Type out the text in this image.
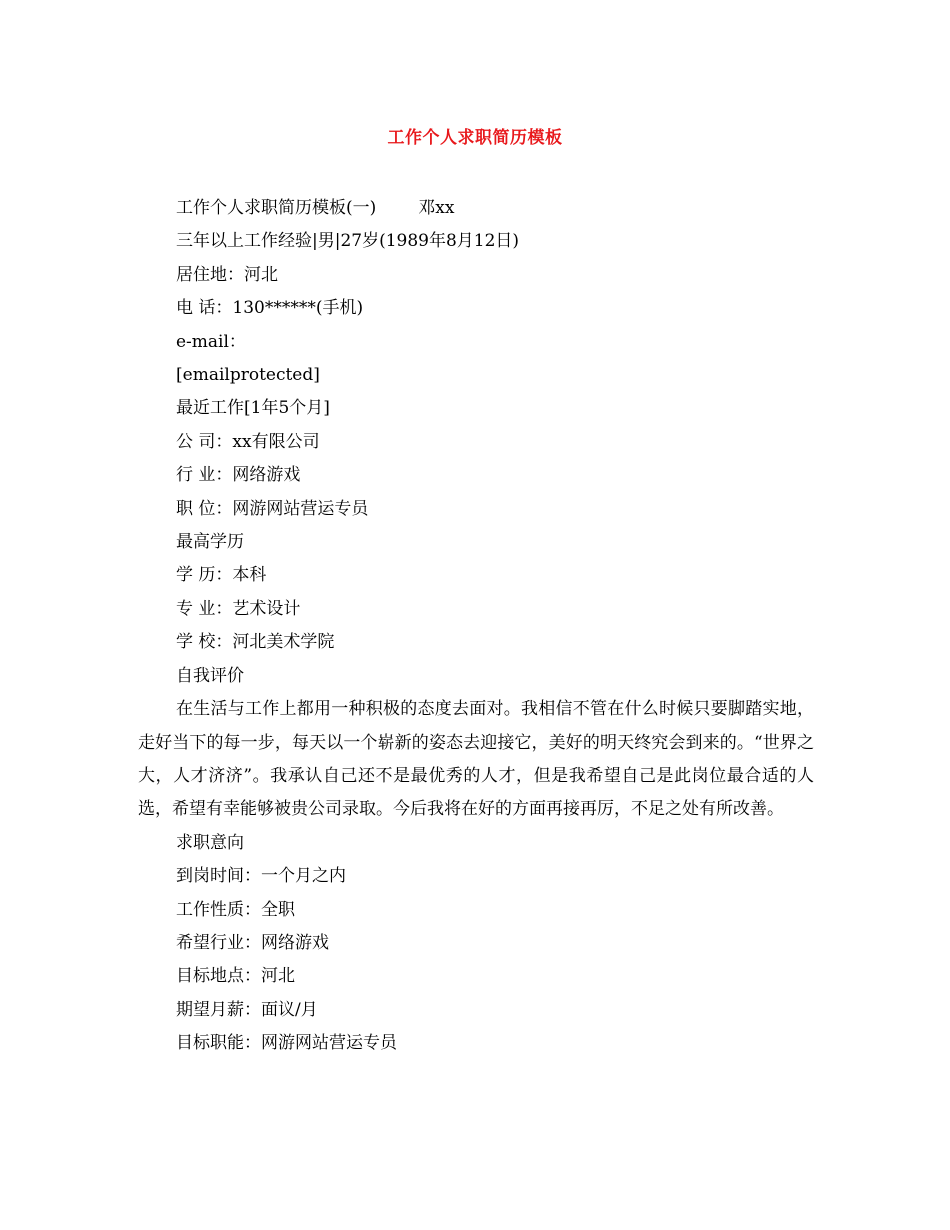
工作个人求职简历模板
工作个人求职简历模板(一) 邓xx
三年以上工作经验|男|27岁(1989年8月12日)
居住地：河北
电 话：130******(手机)
e-mail：
[emailprotected]
最近工作[1年5个月]
公 司：xx有限公司
行 业：网络游戏
职 位：网游网站营运专员
最高学历
学 历：本科
专 业：艺术设计
学 校：河北美术学院
自我评价
在生活与工作上都用一种积极的态度去面对。我相信不管在什么时候只要脚踏实地，走好当下的每一步，每天以一个崭新的姿态去迎接它，美好的明天终究会到来的。“世界之大，人才济济”。我承认自己还不是最优秀的人才，但是我希望自己是此岗位最合适的人选，希望有幸能够被贵公司录取。今后我将在好的方面再接再厉，不足之处有所改善。
求职意向
到岗时间：一个月之内
工作性质：全职
希望行业：网络游戏
目标地点：河北
期望月薪：面议/月
目标职能：网游网站营运专员
